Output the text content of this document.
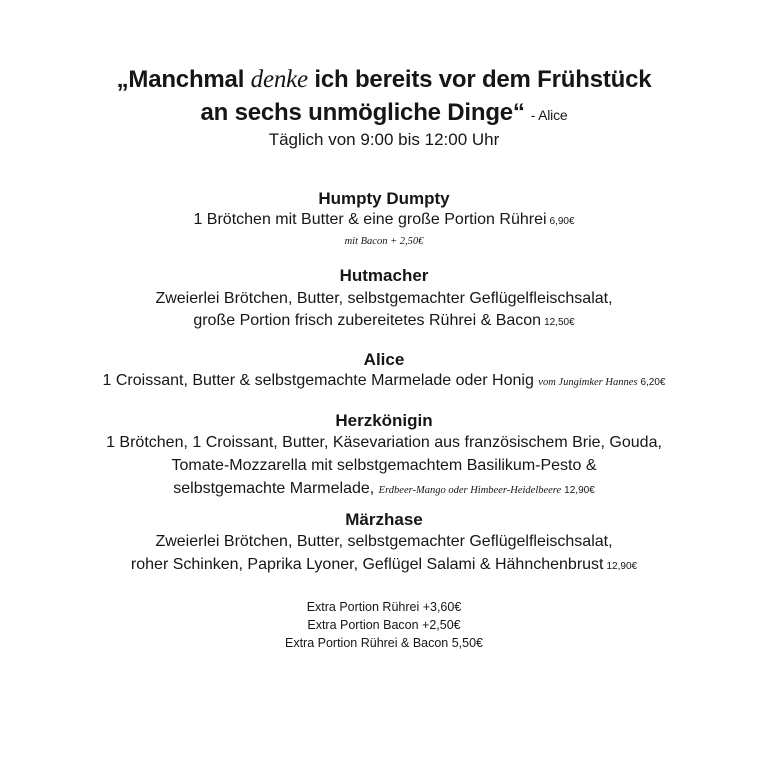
„Manchmal denke ich bereits vor dem Frühstück
an sechs unmögliche Dinge“ - Alice
Täglich von 9:00 bis 12:00 Uhr
Humpty Dumpty
1 Brötchen mit Butter & eine große Portion Rührei 6,90€
mit Bacon + 2,50€
Hutmacher
Zweierlei Brötchen, Butter, selbstgemachter Geflügelfleischsalat,
große Portion frisch zubereitetes Rührei & Bacon 12,50€
Alice
1 Croissant, Butter & selbstgemachte Marmelade oder Honig vom Jungimker Hannes 6,20€
Herzkönigin
1 Brötchen, 1 Croissant, Butter, Käsevariation aus französischem Brie, Gouda,
Tomate-Mozzarella mit selbstgemachtem Basilikum-Pesto &
selbstgemachte Marmelade, Erdbeer-Mango oder Himbeer-Heidelbeere 12,90€
Märzhase
Zweierlei Brötchen, Butter, selbstgemachter Geflügelfleischsalat,
roher Schinken, Paprika Lyoner, Geflügel Salami & Hähnchenbrust 12,90€
Extra Portion Rührei +3,60€
Extra Portion Bacon +2,50€
Extra Portion Rührei & Bacon 5,50€
